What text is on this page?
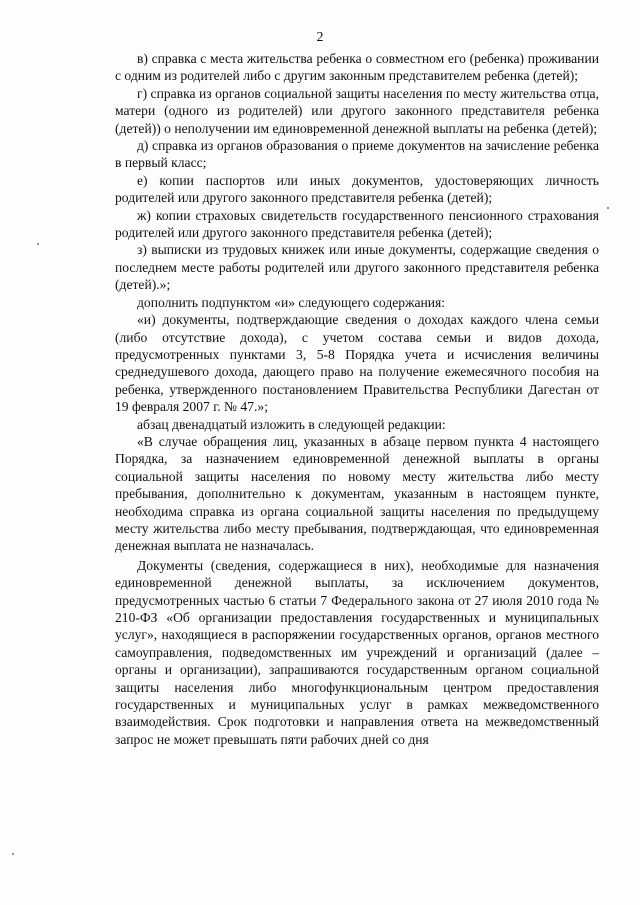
2

в) справка с места жительства ребенка о совместном его (ребенка) проживании с одним из родителей либо с другим законным представителем ребенка (детей);

г) справка из органов социальной защиты населения по месту жительства отца, матери (одного из родителей) или другого законного представителя ребенка (детей)) о неполучении им единовременной денежной выплаты на ребенка (детей);

д) справка из органов образования о приеме документов на зачисление ребенка в первый класс;

е) копии паспортов или иных документов, удостоверяющих личность родителей или другого законного представителя ребенка (детей);

ж) копии страховых свидетельств государственного пенсионного страхования родителей или другого законного представителя ребенка (детей);

з) выписки из трудовых книжек или иные документы, содержащие сведения о последнем месте работы родителей или другого законного представителя ребенка (детей).»;

дополнить подпунктом «и» следующего содержания:

«и) документы, подтверждающие сведения о доходах каждого члена семьи (либо отсутствие дохода), с учетом состава семьи и видов дохода, предусмотренных пунктами 3, 5-8 Порядка учета и исчисления величины среднедушевого дохода, дающего право на получение ежемесячного пособия на ребенка, утвержденного постановлением Правительства Республики Дагестан от 19 февраля 2007 г. № 47.»;

абзац двенадцатый изложить в следующей редакции:

«В случае обращения лиц, указанных в абзаце первом пункта 4 настоящего Порядка, за назначением единовременной денежной выплаты в органы социальной защиты населения по новому месту жительства либо месту пребывания, дополнительно к документам, указанным в настоящем пункте, необходима справка из органа социальной защиты населения по предыдущему месту жительства либо месту пребывания, подтверждающая, что единовременная денежная выплата не назначалась.

Документы (сведения, содержащиеся в них), необходимые для назначения единовременной денежной выплаты, за исключением документов, предусмотренных частью 6 статьи 7 Федерального закона от 27 июля 2010 года № 210-ФЗ «Об организации предоставления государственных и муниципальных услуг», находящиеся в распоряжении государственных органов, органов местного самоуправления, подведомственных им учреждений и организаций (далее – органы и организации), запрашиваются государственным органом социальной защиты населения либо многофункциональным центром предоставления государственных и муниципальных услуг в рамках межведомственного взаимодействия. Срок подготовки и направления ответа на межведомственный запрос не может превышать пяти рабочих дней со дня
